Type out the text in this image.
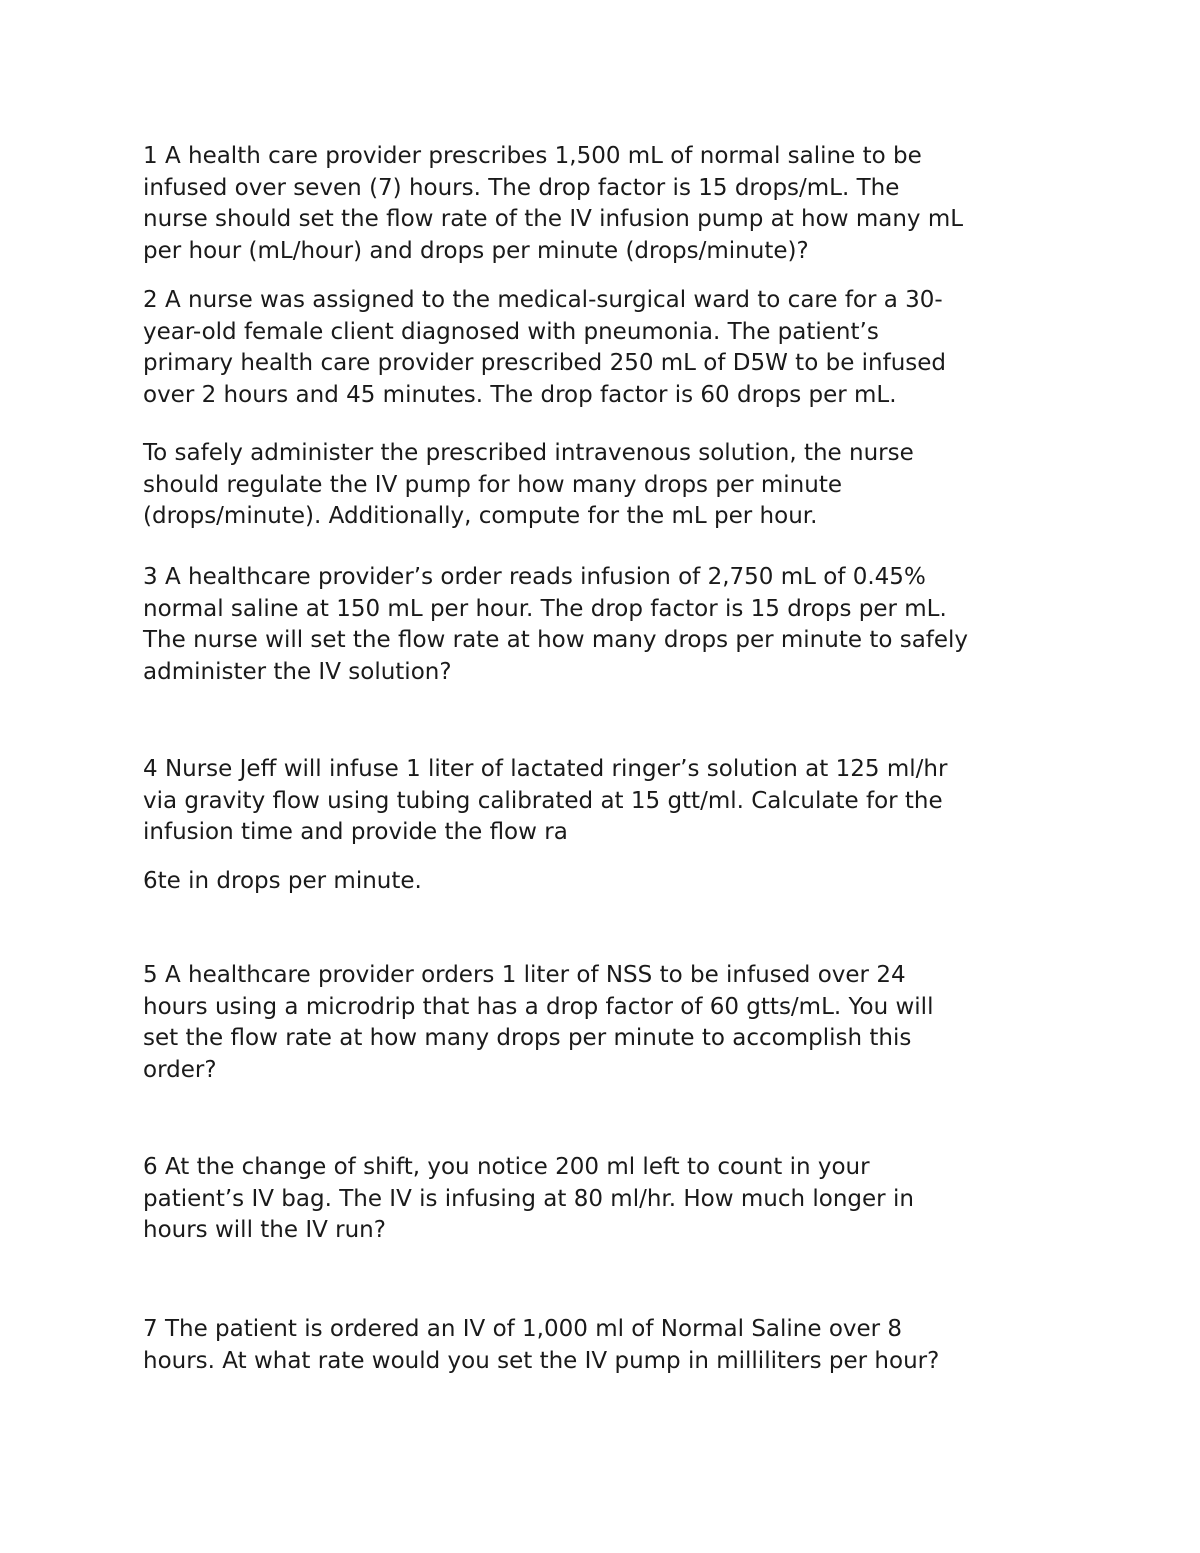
1 A health care provider prescribes 1,500 mL of normal saline to be
infused over seven (7) hours. The drop factor is 15 drops/mL. The
nurse should set the flow rate of the IV infusion pump at how many mL
per hour (mL/hour) and drops per minute (drops/minute)?

2 A nurse was assigned to the medical-surgical ward to care for a 30-
year-old female client diagnosed with pneumonia. The patient’s
primary health care provider prescribed 250 mL of D5W to be infused
over 2 hours and 45 minutes. The drop factor is 60 drops per mL.

To safely administer the prescribed intravenous solution, the nurse
should regulate the IV pump for how many drops per minute
(drops/minute). Additionally, compute for the mL per hour.

3 A healthcare provider’s order reads infusion of 2,750 mL of 0.45%
normal saline at 150 mL per hour. The drop factor is 15 drops per mL.
The nurse will set the flow rate at how many drops per minute to safely
administer the IV solution?

4 Nurse Jeff will infuse 1 liter of lactated ringer’s solution at 125 ml/hr
via gravity flow using tubing calibrated at 15 gtt/ml. Calculate for the
infusion time and provide the flow ra

6te in drops per minute.

5 A healthcare provider orders 1 liter of NSS to be infused over 24
hours using a microdrip that has a drop factor of 60 gtts/mL. You will
set the flow rate at how many drops per minute to accomplish this
order?

6 At the change of shift, you notice 200 ml left to count in your
patient’s IV bag. The IV is infusing at 80 ml/hr. How much longer in
hours will the IV run?

7 The patient is ordered an IV of 1,000 ml of Normal Saline over 8
hours. At what rate would you set the IV pump in milliliters per hour?
